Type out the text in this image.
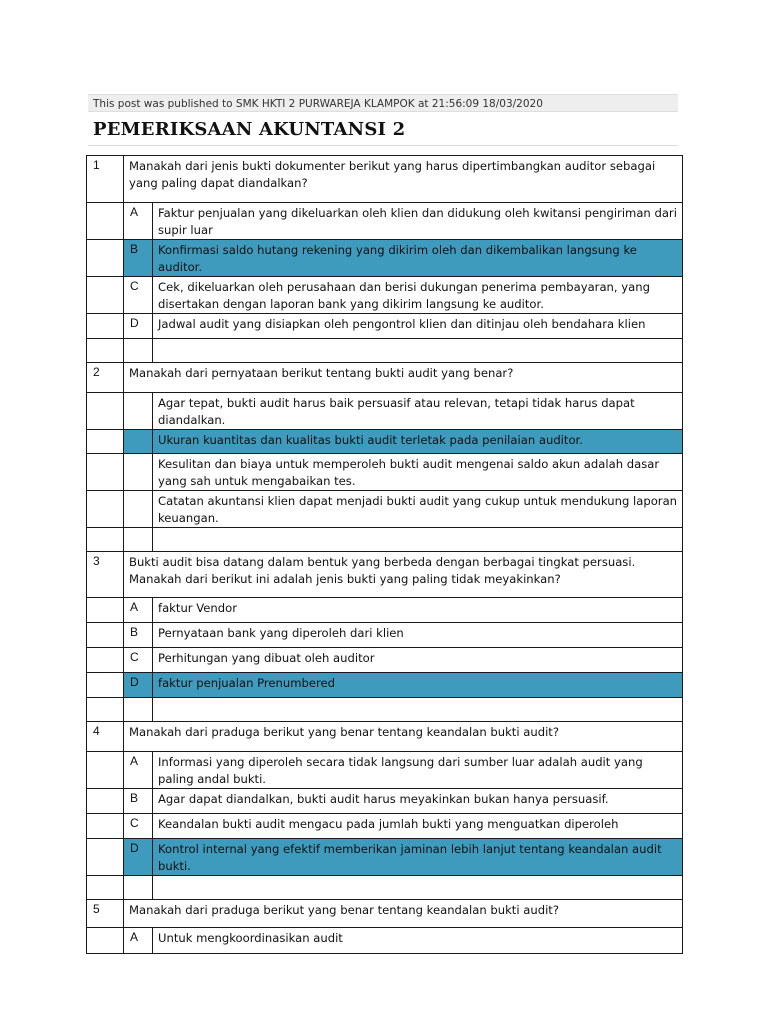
This post was published to SMK HKTI 2 PURWAREJA KLAMPOK at 21:56:09 18/03/2020
PEMERIKSAAN AKUNTANSI 2
1	Manakah dari jenis bukti dokumenter berikut yang harus dipertimbangkan auditor sebagai yang paling dapat diandalkan?	
	A	Faktur penjualan yang dikeluarkan oleh klien dan didukung oleh kwitansi pengiriman dari supir luar
	B	Konfirmasi saldo hutang rekening yang dikirim oleh dan dikembalikan langsung ke auditor.
	C	Cek, dikeluarkan oleh perusahaan dan berisi dukungan penerima pembayaran, yang disertakan dengan laporan bank yang dikirim langsung ke auditor.
	D	Jadwal audit yang disiapkan oleh pengontrol klien dan ditinjau oleh bendahara klien

2	Manakah dari pernyataan berikut tentang bukti audit yang benar?	
		Agar tepat, bukti audit harus baik persuasif atau relevan, tetapi tidak harus dapat diandalkan.
		Ukuran kuantitas dan kualitas bukti audit terletak pada penilaian auditor.
		Kesulitan dan biaya untuk memperoleh bukti audit mengenai saldo akun adalah dasar yang sah untuk mengabaikan tes.
		Catatan akuntansi klien dapat menjadi bukti audit yang cukup untuk mendukung laporan keuangan.

3	Bukti audit bisa datang dalam bentuk yang berbeda dengan berbagai tingkat persuasi. Manakah dari berikut ini adalah jenis bukti yang paling tidak meyakinkan?	
	A	faktur Vendor
	B	Pernyataan bank yang diperoleh dari klien
	C	Perhitungan yang dibuat oleh auditor
	D	faktur penjualan Prenumbered

4	Manakah dari praduga berikut yang benar tentang keandalan bukti audit?	
	A	Informasi yang diperoleh secara tidak langsung dari sumber luar adalah audit yang paling andal bukti.
	B	Agar dapat diandalkan, bukti audit harus meyakinkan bukan hanya persuasif.
	C	Keandalan bukti audit mengacu pada jumlah bukti yang menguatkan diperoleh
	D	Kontrol internal yang efektif memberikan jaminan lebih lanjut tentang keandalan audit bukti.

5	Manakah dari praduga berikut yang benar tentang keandalan bukti audit?	
	A	Untuk mengkoordinasikan audit
